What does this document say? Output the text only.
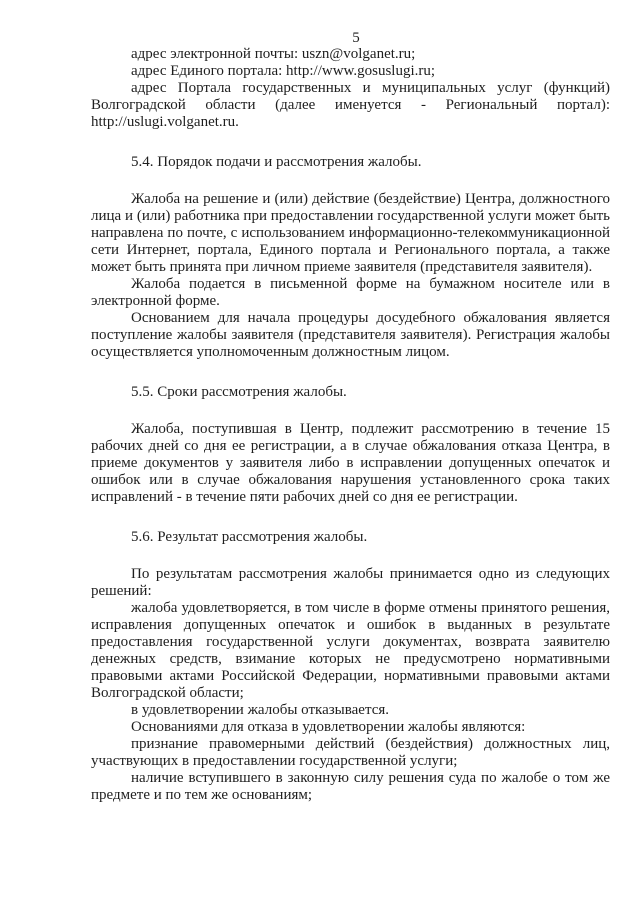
5

адрес электронной почты: uszn@volganet.ru;

адрес Единого портала: http://www.gosuslugi.ru;

адрес Портала государственных и муниципальных услуг (функций) Волгоградской области (далее именуется - Региональный портал): http://uslugi.volganet.ru.

5.4. Порядок подачи и рассмотрения жалобы.

Жалоба на решение и (или) действие (бездействие) Центра, должностного лица и (или) работника при предоставлении государственной услуги может быть направлена по почте, с использованием информационно-телекоммуникационной сети Интернет, портала, Единого портала и Регионального портала, а также может быть принята при личном приеме заявителя (представителя заявителя).

Жалоба подается в письменной форме на бумажном носителе или в электронной форме.

Основанием для начала процедуры досудебного обжалования является поступление жалобы заявителя (представителя заявителя). Регистрация жалобы осуществляется уполномоченным должностным лицом.

5.5. Сроки рассмотрения жалобы.

Жалоба, поступившая в Центр, подлежит рассмотрению в течение 15 рабочих дней со дня ее регистрации, а в случае обжалования отказа Центра, в приеме документов у заявителя либо в исправлении допущенных опечаток и ошибок или в случае обжалования нарушения установленного срока таких исправлений - в течение пяти рабочих дней со дня ее регистрации.

5.6. Результат рассмотрения жалобы.

По результатам рассмотрения жалобы принимается одно из следующих решений:

жалоба удовлетворяется, в том числе в форме отмены принятого решения, исправления допущенных опечаток и ошибок в выданных в результате предоставления государственной услуги документах, возврата заявителю денежных средств, взимание которых не предусмотрено нормативными правовыми актами Российской Федерации, нормативными правовыми актами Волгоградской области;

в удовлетворении жалобы отказывается.

Основаниями для отказа в удовлетворении жалобы являются:

признание правомерными действий (бездействия) должностных лиц, участвующих в предоставлении государственной услуги;

наличие вступившего в законную силу решения суда по жалобе о том же предмете и по тем же основаниям;
